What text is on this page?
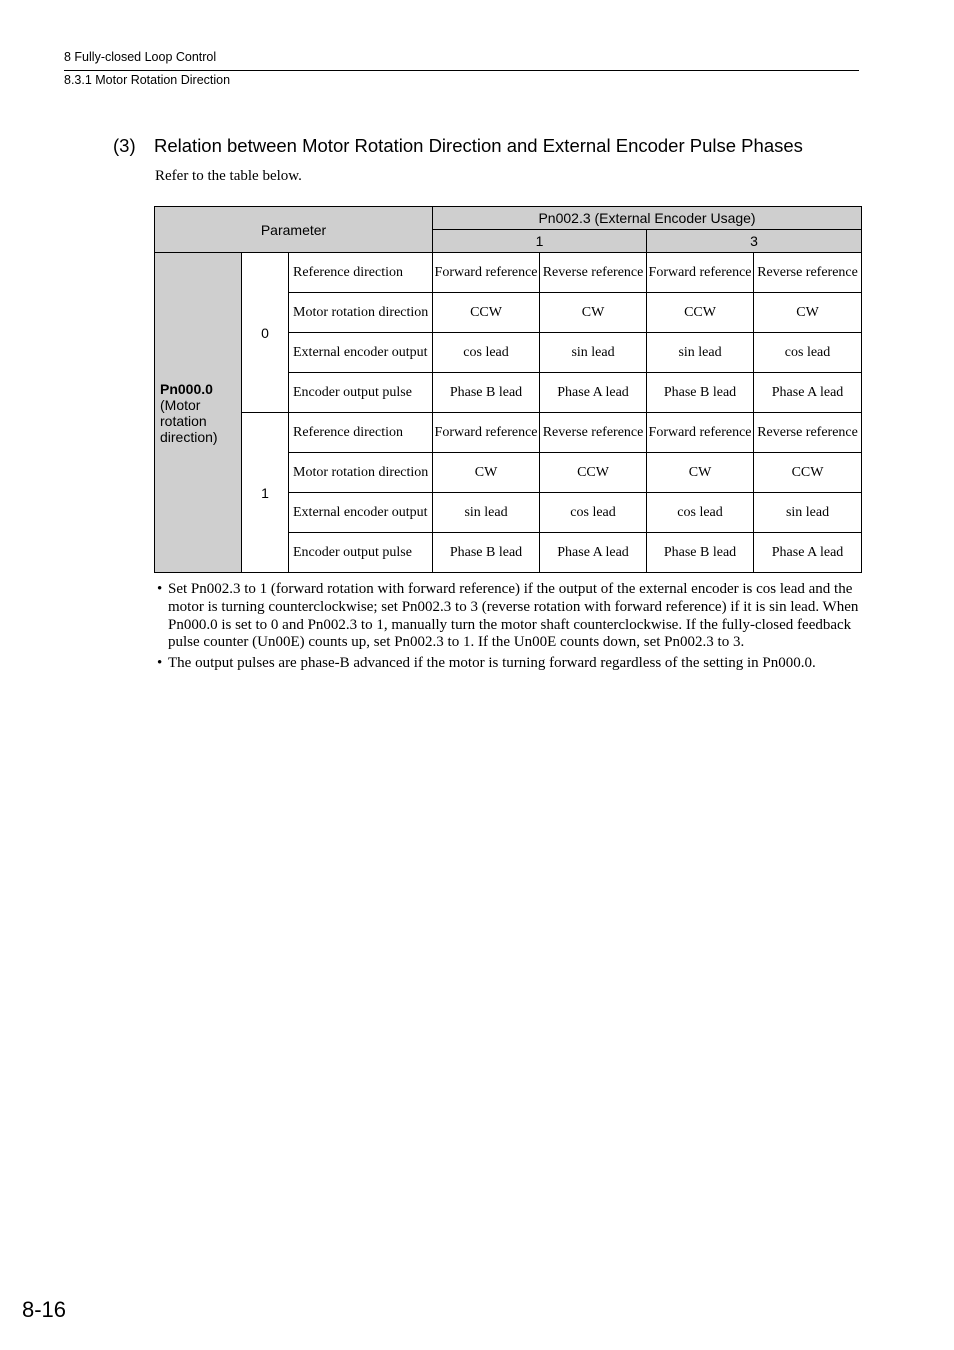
8 Fully-closed Loop Control
8.3.1 Motor Rotation Direction
(3) Relation between Motor Rotation Direction and External Encoder Pulse Phases
Refer to the table below.
Parameter			Pn002.3 (External Encoder Usage)			
			1		3	

Pn000.0
(Motor rotation direction)	0	Reference direction	Forward reference	Reverse reference	Forward reference	Reverse reference
		Motor rotation direction	CCW	CW	CCW	CW
		External encoder output	cos lead	sin lead	sin lead	cos lead
		Encoder output pulse	Phase B lead	Phase A lead	Phase B lead	Phase A lead
	1	Reference direction	Forward reference	Reverse reference	Forward reference	Reverse reference
		Motor rotation direction	CW	CCW	CW	CCW
		External encoder output	sin lead	cos lead	cos lead	sin lead
		Encoder output pulse	Phase B lead	Phase A lead	Phase B lead	Phase A lead
• Set Pn002.3 to 1 (forward rotation with forward reference) if the output of the external encoder is cos lead and the motor is turning counterclockwise; set Pn002.3 to 3 (reverse rotation with forward reference) if it is sin lead. When Pn000.0 is set to 0 and Pn002.3 to 1, manually turn the motor shaft counterclockwise. If the fully-closed feedback pulse counter (Un00E) counts up, set Pn002.3 to 1. If the Un00E counts down, set Pn002.3 to 3.
• The output pulses are phase-B advanced if the motor is turning forward regardless of the setting in Pn000.0.
8-16
